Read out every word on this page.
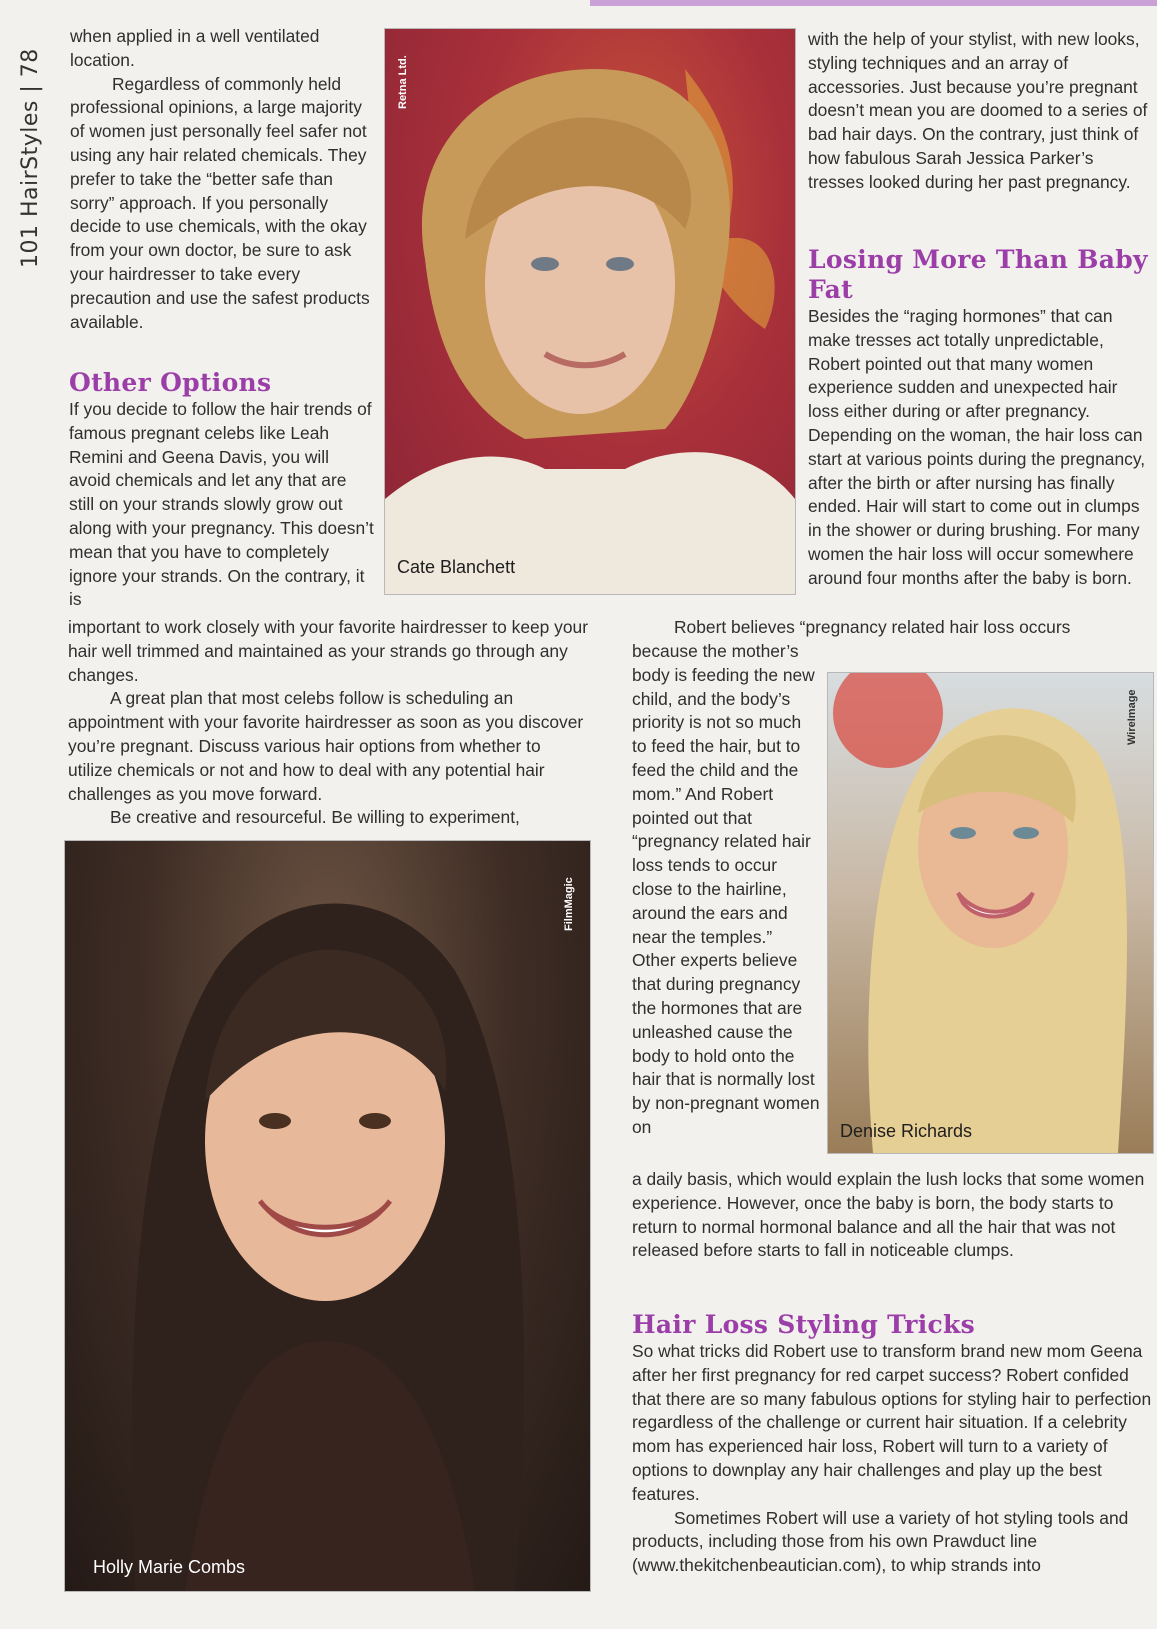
101 HairStyles | 78

when applied in a well ventilated location.

Regardless of commonly held professional opinions, a large majority of women just personally feel safer not using any hair related chemicals. They prefer to take the “better safe than sorry” approach. If you personally decide to use chemicals, with the okay from your own doctor, be sure to ask your hairdresser to take every precaution and use the safest products available.

Other Options

If you decide to follow the hair trends of famous pregnant celebs like Leah Remini and Geena Davis, you will avoid chemicals and let any that are still on your strands slowly grow out along with your pregnancy. This doesn’t mean that you have to completely ignore your strands. On the contrary, it is

important to work closely with your favorite hairdresser to keep your hair well trimmed and maintained as your strands go through any changes.

A great plan that most celebs follow is scheduling an appointment with your favorite hairdresser as soon as you discover you’re pregnant. Discuss various hair options from whether to utilize chemicals or not and how to deal with any potential hair challenges as you move forward.

Be creative and resourceful. Be willing to experiment,

Retna Ltd.
Cate Blanchett

with the help of your stylist, with new looks, styling techniques and an array of accessories. Just because you’re pregnant doesn’t mean you are doomed to a series of bad hair days. On the contrary, just think of how fabulous Sarah Jessica Parker’s tresses looked during her past pregnancy.

Losing More Than Baby Fat

Besides the “raging hormones” that can make tresses act totally unpredictable, Robert pointed out that many women experience sudden and unexpected hair loss either during or after pregnancy. Depending on the woman, the hair loss can start at various points during the pregnancy, after the birth or after nursing has finally ended. Hair will start to come out in clumps in the shower or during brushing. For many women the hair loss will occur somewhere around four months after the baby is born.

Robert believes “pregnancy related hair loss occurs

because the mother’s body is feeding the new child, and the body’s priority is not so much to feed the hair, but to feed the child and the mom.” And Robert pointed out that “pregnancy related hair loss tends to occur close to the hairline, around the ears and near the temples.” Other experts believe that during pregnancy the hormones that are unleashed cause the body to hold onto the hair that is normally lost by non-pregnant women on

WireImage
Denise Richards

a daily basis, which would explain the lush locks that some women experience. However, once the baby is born, the body starts to return to normal hormonal balance and all the hair that was not released before starts to fall in noticeable clumps.

Hair Loss Styling Tricks

So what tricks did Robert use to transform brand new mom Geena after her first pregnancy for red carpet success? Robert confided that there are so many fabulous options for styling hair to perfection regardless of the challenge or current hair situation. If a celebrity mom has experienced hair loss, Robert will turn to a variety of options to downplay any hair challenges and play up the best features.

Sometimes Robert will use a variety of hot styling tools and products, including those from his own Prawduct line (www.thekitchenbeautician.com), to whip strands into

FilmMagic
Holly Marie Combs
